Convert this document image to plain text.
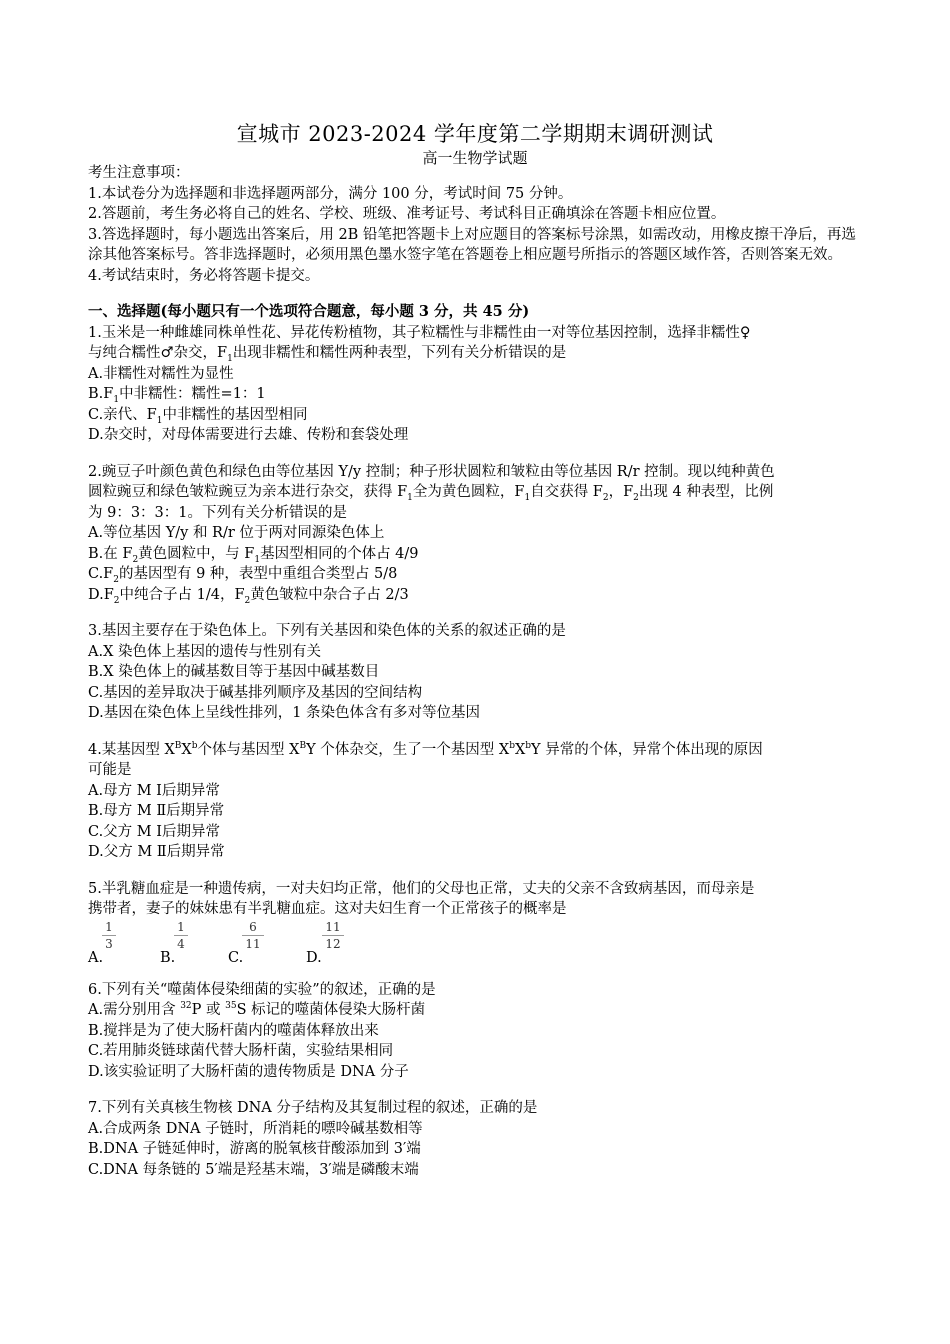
宣城市 2023-2024 学年度第二学期期末调研测试
高一生物学试题
考生注意事项：
1.本试卷分为选择题和非选择题两部分，满分 100 分，考试时间 75 分钟。
2.答题前，考生务必将自己的姓名、学校、班级、准考证号、考试科目正确填涂在答题卡相应位置。
3.答选择题时，每小题选出答案后，用 2B 铅笔把答题卡上对应题目的答案标号涂黑，如需改动，用橡皮擦干净后，再选涂其他答案标号。答非选择题时，必须用黑色墨水签字笔在答题卷上相应题号所指示的答题区域作答，否则答案无效。
4.考试结束时，务必将答题卡提交。
一、选择题(每小题只有一个选项符合题意，每小题 3 分，共 45 分)
1.玉米是一种雌雄同株单性花、异花传粉植物，其子粒糯性与非糯性由一对等位基因控制，选择非糯性♀
与纯合糯性♂杂交，$F_1$出现非糯性和糯性两种表型，下列有关分析错误的是
A.非糯性对糯性为显性
$B.F_1$中非糯性：糯性=1：1
C.亲代、$F_1$中非糯性的基因型相同
D.杂交时，对母体需要进行去雄、传粉和套袋处理
2.豌豆子叶颜色黄色和绿色由等位基因 Y/y 控制；种子形状圆粒和皱粒由等位基因 R/r 控制。现以纯种黄色
圆粒豌豆和绿色皱粒豌豆为亲本进行杂交，获得 $F_1$全为黄色圆粒，$F_1$自交获得 $F_2$，$F_2$出现 4 种表型，比例
为 9：3：3：1。下列有关分析错误的是
A.等位基因 Y/y 和 R/r 位于两对同源染色体上
B.在 $F_2$黄色圆粒中，与 $F_1$基因型相同的个体占 4/9
$C.F_2$的基因型有 9 种，表型中重组合类型占 5/8
$D.F_2$中纯合子占 1/4，$F_2$黄色皱粒中杂合子占 2/3
3.基因主要存在于染色体上。下列有关基因和染色体的关系的叙述正确的是
A.X 染色体上基因的遗传与性别有关
B.X 染色体上的碱基数目等于基因中碱基数目
C.基因的差异取决于碱基排列顺序及基因的空间结构
D.基因在染色体上呈线性排列，1 条染色体含有多对等位基因
4.某基因型 $X^BX^b$个体与基因型 $X^BY$ 个体杂交，生了一个基因型 $X^bX^bY$ 异常的个体，异常个体出现的原因
可能是
A.母方 M Ⅰ后期异常
B.母方 M Ⅱ后期异常
C.父方 M Ⅰ后期异常
D.父方 M Ⅱ后期异常
5.半乳糖血症是一种遗传病，一对夫妇均正常，他们的父母也正常，丈夫的父亲不含致病基因，而母亲是
携带者，妻子的妹妹患有半乳糖血症。这对夫妇生育一个正常孩子的概率是
A.
1
3
B.
1
4
C.
6
11
D.
11
12
6.下列有关“噬菌体侵染细菌的实验”的叙述，正确的是
A.需分别用含 $^{32}$P 或 $^{35}$S 标记的噬菌体侵染大肠杆菌
B.搅拌是为了使大肠杆菌内的噬菌体释放出来
C.若用肺炎链球菌代替大肠杆菌，实验结果相同
D.该实验证明了大肠杆菌的遗传物质是 DNA 分子
7.下列有关真核生物核 DNA 分子结构及其复制过程的叙述，正确的是
A.合成两条 DNA 子链时，所消耗的嘌呤碱基数相等
B.DNA 子链延伸时，游离的脱氧核苷酸添加到 3′端
C.DNA 每条链的 5′端是羟基末端，3′端是磷酸末端
